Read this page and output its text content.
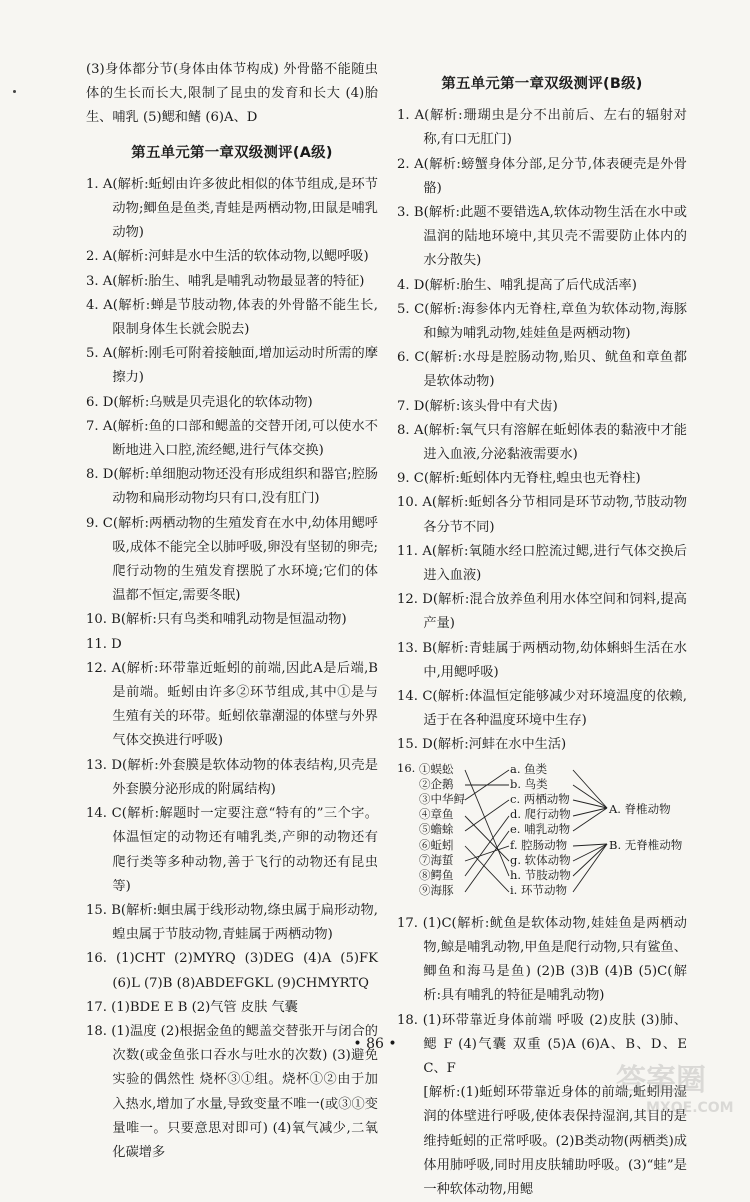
(3)身体都分节(身体由体节构成) 外骨骼不能随虫体的生长而长大,限制了昆虫的发育和长大 (4)胎生、哺乳 (5)鳃和鳍 (6)A、D

第五单元第一章双级测评(A级)

1. A(解析:蚯蚓由许多彼此相似的体节组成,是环节动物;鲫鱼是鱼类,青蛙是两栖动物,田鼠是哺乳动物)

2. A(解析:河蚌是水中生活的软体动物,以鳃呼吸)

3. A(解析:胎生、哺乳是哺乳动物最显著的特征)

4. A(解析:蝉是节肢动物,体表的外骨骼不能生长,限制身体生长就会脱去)

5. A(解析:刚毛可附着接触面,增加运动时所需的摩擦力)

6. D(解析:乌贼是贝壳退化的软体动物)

7. A(解析:鱼的口部和鳃盖的交替开闭,可以使水不断地进入口腔,流经鳃,进行气体交换)

8. D(解析:单细胞动物还没有形成组织和器官;腔肠动物和扁形动物均只有口,没有肛门)

9. C(解析:两栖动物的生殖发育在水中,幼体用鳃呼吸,成体不能完全以肺呼吸,卵没有坚韧的卵壳;爬行动物的生殖发育摆脱了水环境;它们的体温都不恒定,需要冬眠)

10. B(解析:只有鸟类和哺乳动物是恒温动物)

11. D

12. A(解析:环带靠近蚯蚓的前端,因此A是后端,B是前端。蚯蚓由许多②环节组成,其中①是与生殖有关的环带。蚯蚓依靠潮湿的体壁与外界气体交换进行呼吸)

13. D(解析:外套膜是软体动物的体表结构,贝壳是外套膜分泌形成的附属结构)

14. C(解析:解题时一定要注意“特有的”三个字。体温恒定的动物还有哺乳类,产卵的动物还有爬行类等多种动物,善于飞行的动物还有昆虫等)

15. B(解析:蛔虫属于线形动物,绦虫属于扁形动物,蝗虫属于节肢动物,青蛙属于两栖动物)

16. (1)CHT (2)MYRQ (3)DEG (4)A (5)FK (6)L (7)B (8)ABDEFGKL (9)CHMYRTQ

17. (1)BDE E B (2)气管 皮肤 气囊

18. (1)温度 (2)根据金鱼的鳃盖交替张开与闭合的次数(或金鱼张口吞水与吐水的次数) (3)避免实验的偶然性 烧杯③①组。烧杯①②由于加入热水,增加了水量,导致变量不唯一(或③①变量唯一。只要意思对即可) (4)氧气减少,二氧化碳增多

第五单元第一章双级测评(B级)

1. A(解析:珊瑚虫是分不出前后、左右的辐射对称,有口无肛门)

2. A(解析:螃蟹身体分部,足分节,体表硬壳是外骨骼)

3. B(解析:此题不要错选A,软体动物生活在水中或温润的陆地环境中,其贝壳不需要防止体内的水分散失)

4. D(解析:胎生、哺乳提高了后代成活率)

5. C(解析:海参体内无脊柱,章鱼为软体动物,海豚和鲸为哺乳动物,娃娃鱼是两栖动物)

6. C(解析:水母是腔肠动物,贻贝、鱿鱼和章鱼都是软体动物)

7. D(解析:该头骨中有犬齿)

8. A(解析:氧气只有溶解在蚯蚓体表的黏液中才能进入血液,分泌黏液需要水)

9. C(解析:蚯蚓体内无脊柱,蝗虫也无脊柱)

10. A(解析:蚯蚓各分节相同是环节动物,节肢动物各分节不同)

11. A(解析:氧随水经口腔流过鳃,进行气体交换后进入血液)

12. D(解析:混合放养鱼利用水体空间和饲料,提高产量)

13. B(解析:青蛙属于两栖动物,幼体蝌蚪生活在水中,用鳃呼吸)

14. C(解析:体温恒定能够减少对环境温度的依赖,适于在各种温度环境中生存)

15. D(解析:河蚌在水中生活)

16. ①蜈蚣
②企鹅
③中华鲟
④章鱼
⑤蟾蜍
⑥蚯蚓
⑦海蜇
⑧鳄鱼
⑨海豚
a. 鱼类
b. 鸟类
c. 两栖动物
d. 爬行动物
e. 哺乳动物
f. 腔肠动物
g. 软体动物
h. 节肢动物
i. 环节动物
A. 脊椎动物
B. 无脊椎动物

17. (1)C(解析:鱿鱼是软体动物,娃娃鱼是两栖动物,鲸是哺乳动物,甲鱼是爬行动物,只有鲨鱼、鲫鱼和海马是鱼) (2)B (3)B (4)B (5)C(解析:具有哺乳的特征是哺乳动物)

18. (1)环带靠近身体前端 呼吸 (2)皮肤 (3)肺、鳃 F (4)气囊 双重 (5)A (6)A、B、D、E C、F

[解析:(1)蚯蚓环带靠近身体的前端,蚯蚓用湿润的体壁进行呼吸,使体表保持湿润,其目的是维持蚯蚓的正常呼吸。(2)B类动物(两栖类)成体用肺呼吸,同时用皮肤辅助呼吸。(3)“蛙”是一种软体动物,用鳃

• 86 •
答案圈
MXQE.COM
